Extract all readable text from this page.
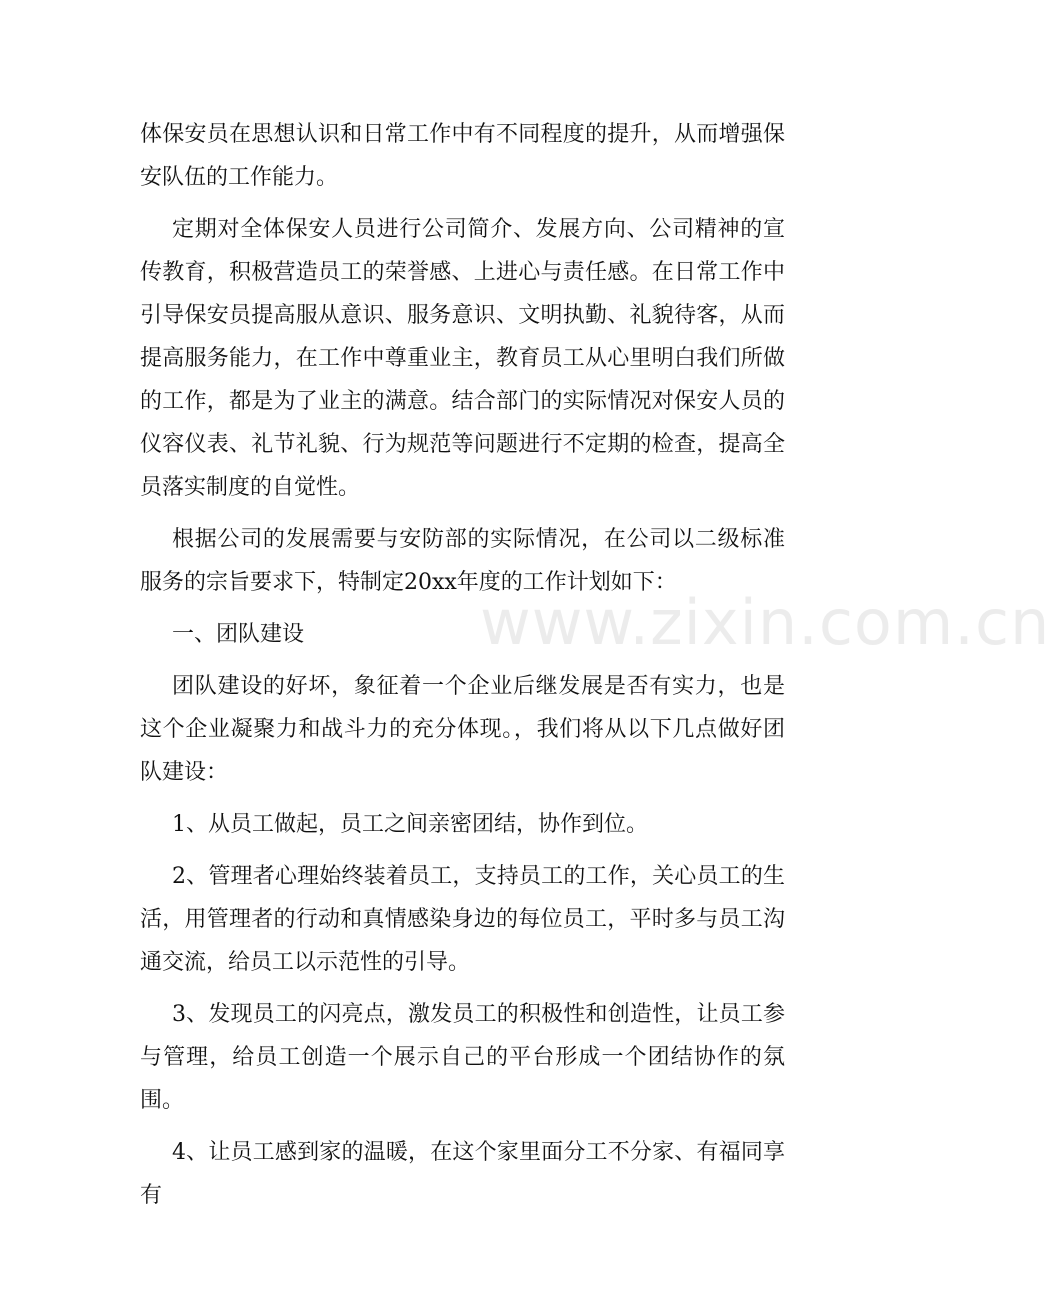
www.zixin.com.cn

体保安员在思想认识和日常工作中有不同程度的提升，从而增强保安队伍的工作能力。

定期对全体保安人员进行公司简介、发展方向、公司精神的宣传教育，积极营造员工的荣誉感、上进心与责任感。在日常工作中引导保安员提高服从意识、服务意识、文明执勤、礼貌待客，从而提高服务能力，在工作中尊重业主，教育员工从心里明白我们所做的工作，都是为了业主的满意。结合部门的实际情况对保安人员的仪容仪表、礼节礼貌、行为规范等问题进行不定期的检查，提高全员落实制度的自觉性。

根据公司的发展需要与安防部的实际情况，在公司以二级标准服务的宗旨要求下，特制定20xx年度的工作计划如下：

一、团队建设

团队建设的好坏，象征着一个企业后继发展是否有实力，也是这个企业凝聚力和战斗力的充分体现。，我们将从以下几点做好团队建设：

1、从员工做起，员工之间亲密团结，协作到位。

2、管理者心理始终装着员工，支持员工的工作，关心员工的生活，用管理者的行动和真情感染身边的每位员工，平时多与员工沟通交流，给员工以示范性的引导。

3、发现员工的闪亮点，激发员工的积极性和创造性，让员工参与管理，给员工创造一个展示自己的平台形成一个团结协作的氛围。

4、让员工感到家的温暖，在这个家里面分工不分家、有福同享有
